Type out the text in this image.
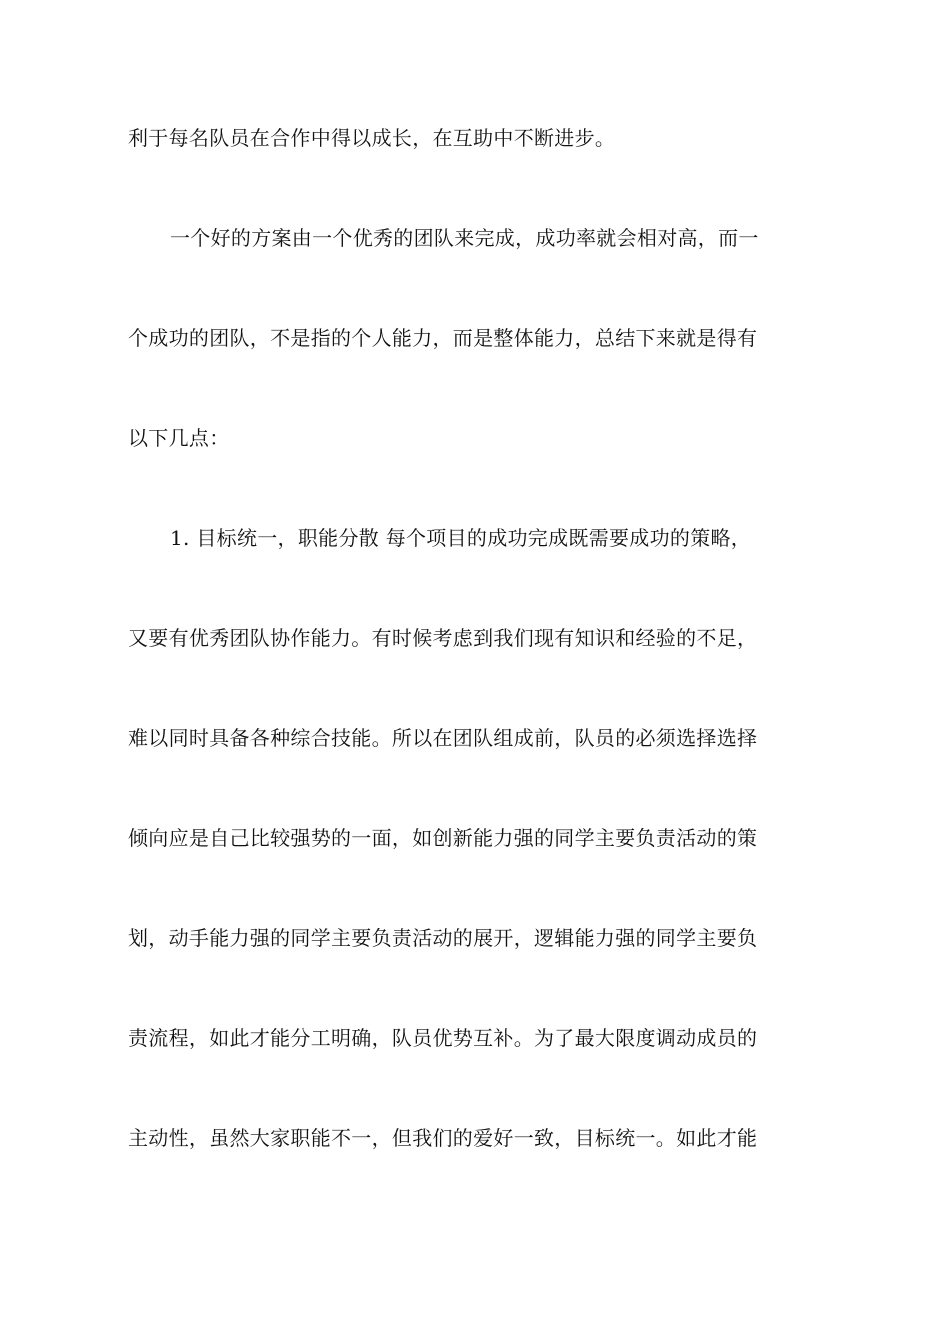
利于每名队员在合作中得以成长，在互助中不断进步。
一个好的方案由一个优秀的团队来完成，成功率就会相对高，而一
个成功的团队，不是指的个人能力，而是整体能力，总结下来就是得有
以下几点：
1. 目标统一，职能分散 每个项目的成功完成既需要成功的策略，
又要有优秀团队协作能力。有时候考虑到我们现有知识和经验的不足，
难以同时具备各种综合技能。所以在团队组成前，队员的必须选择选择
倾向应是自己比较强势的一面，如创新能力强的同学主要负责活动的策
划，动手能力强的同学主要负责活动的展开，逻辑能力强的同学主要负
责流程，如此才能分工明确，队员优势互补。为了最大限度调动成员的
主动性，虽然大家职能不一，但我们的爱好一致，目标统一。如此才能
